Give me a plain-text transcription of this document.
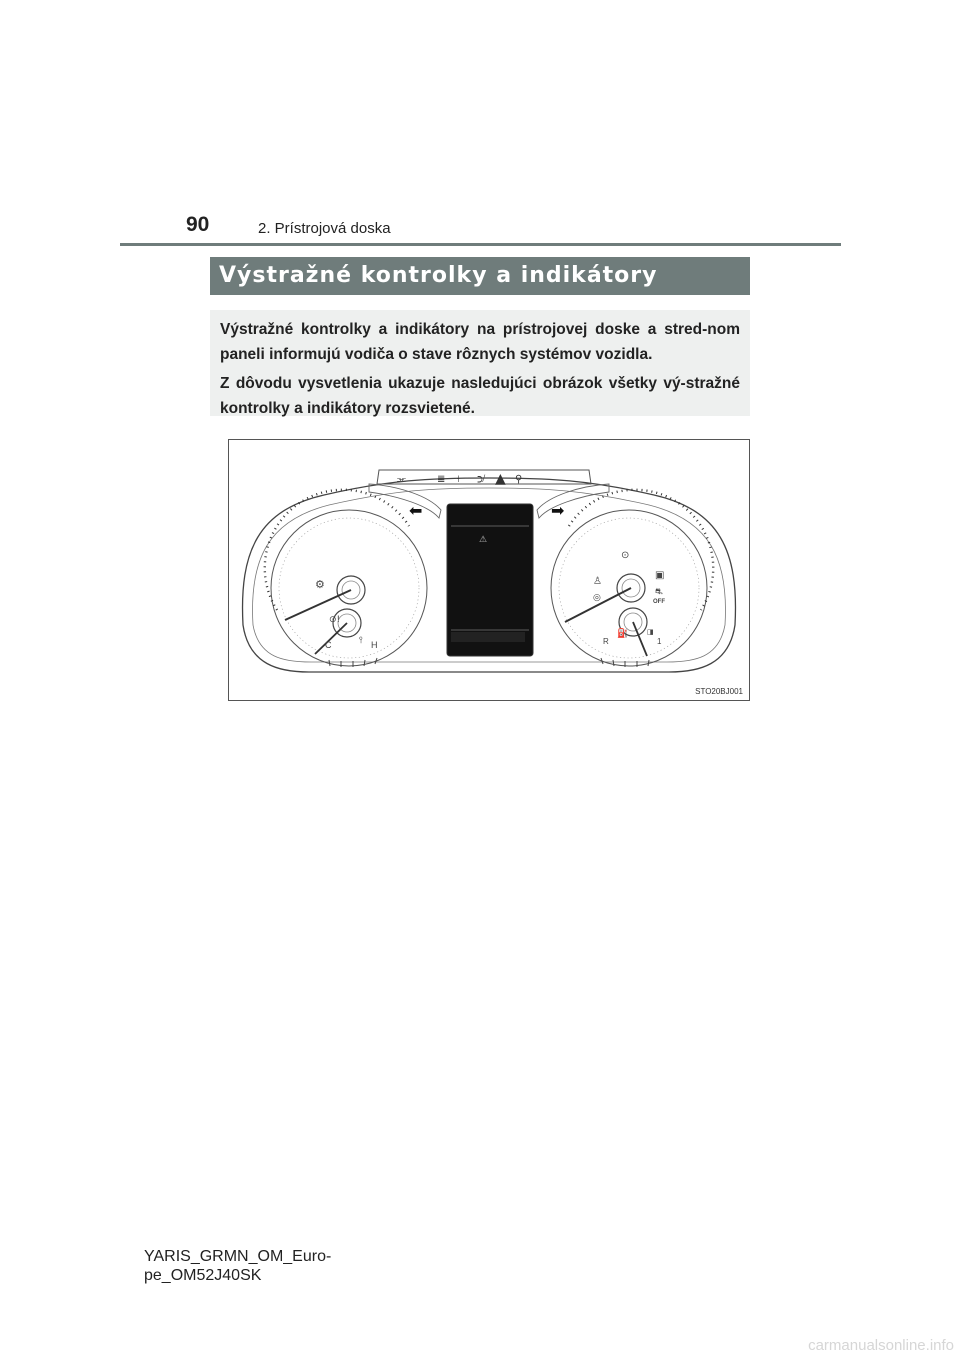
90	2. Prístrojová doska
Výstražné kontrolky a indikátory

Výstražné kontrolky a indikátory na prístrojovej doske a stred-nom paneli informujú vodiča o stave rôznych systémov vozidla.

Z dôvodu vysvetlenia ukazuje nasledujúci obrázok všetky vý-stražné kontrolky a indikátory rozsvietené.

⫘	≣ ⟊ ⟉ ▲ ⚲
⬅	➡
⚙
⊙!
C	H
⫯
⚠
⊙
♙
◎
▣
⛐
OFF
⛽
R	1
◨
STO20BJ001
YARIS_GRMN_OM_Euro-
pe_OM52J40SK
carmanualsonline.info
